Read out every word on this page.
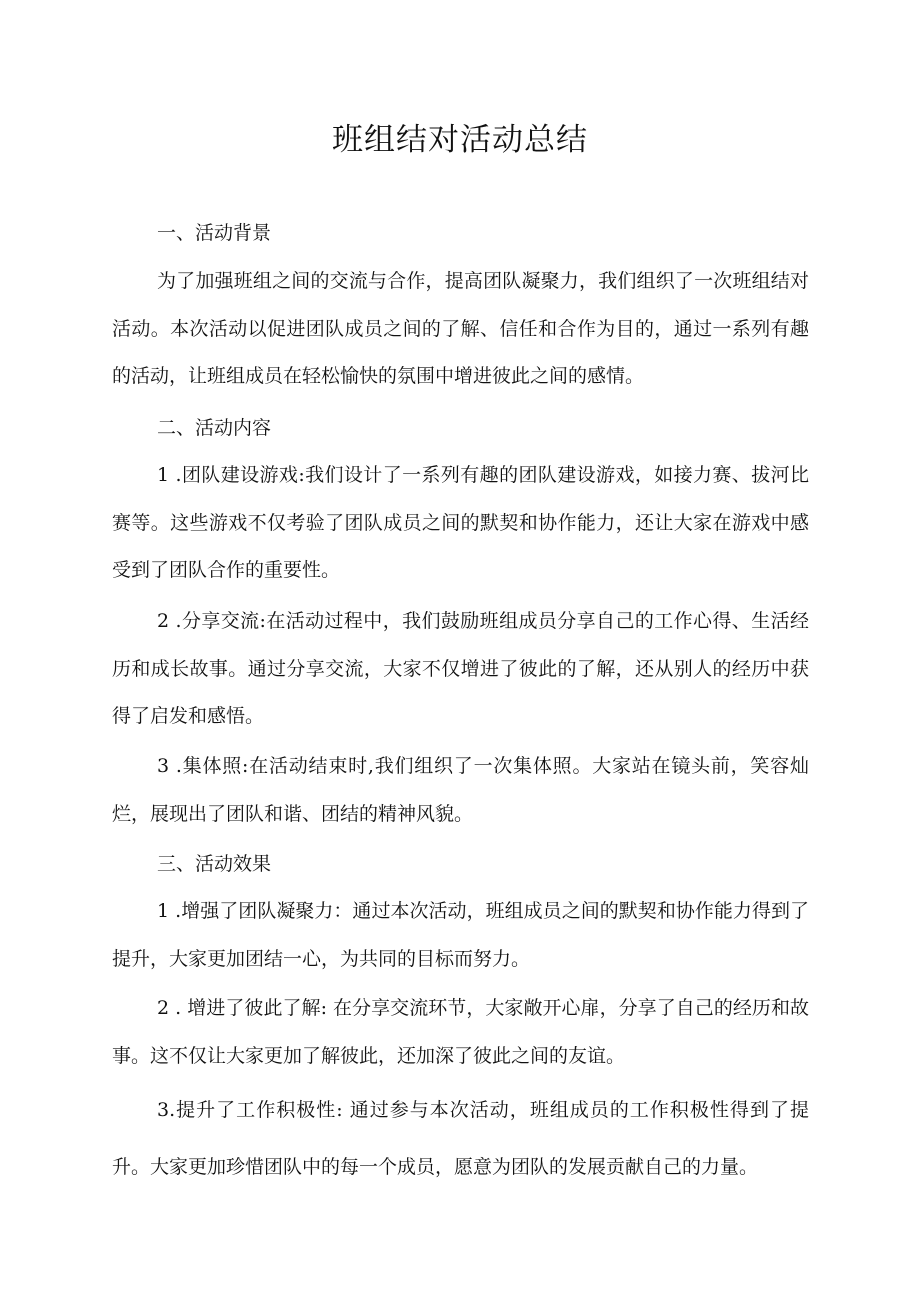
班组结对活动总结
一、活动背景

为了加强班组之间的交流与合作，提高团队凝聚力，我们组织了一次班组结对活动。本次活动以促进团队成员之间的了解、信任和合作为目的，通过一系列有趣的活动，让班组成员在轻松愉快的氛围中增进彼此之间的感情。

二、活动内容

1 .团队建设游戏:我们设计了一系列有趣的团队建设游戏，如接力赛、拔河比赛等。这些游戏不仅考验了团队成员之间的默契和协作能力，还让大家在游戏中感受到了团队合作的重要性。

2 .分享交流:在活动过程中，我们鼓励班组成员分享自己的工作心得、生活经历和成长故事。通过分享交流，大家不仅增进了彼此的了解，还从别人的经历中获得了启发和感悟。

3 .集体照:在活动结束时,我们组织了一次集体照。大家站在镜头前，笑容灿烂，展现出了团队和谐、团结的精神风貌。

三、活动效果

1 .增强了团队凝聚力：通过本次活动，班组成员之间的默契和协作能力得到了提升，大家更加团结一心，为共同的目标而努力。

2 . 增进了彼此了解: 在分享交流环节，大家敞开心扉，分享了自己的经历和故事。这不仅让大家更加了解彼此，还加深了彼此之间的友谊。

3.提升了工作积极性: 通过参与本次活动，班组成员的工作积极性得到了提升。大家更加珍惜团队中的每一个成员，愿意为团队的发展贡献自己的力量。
